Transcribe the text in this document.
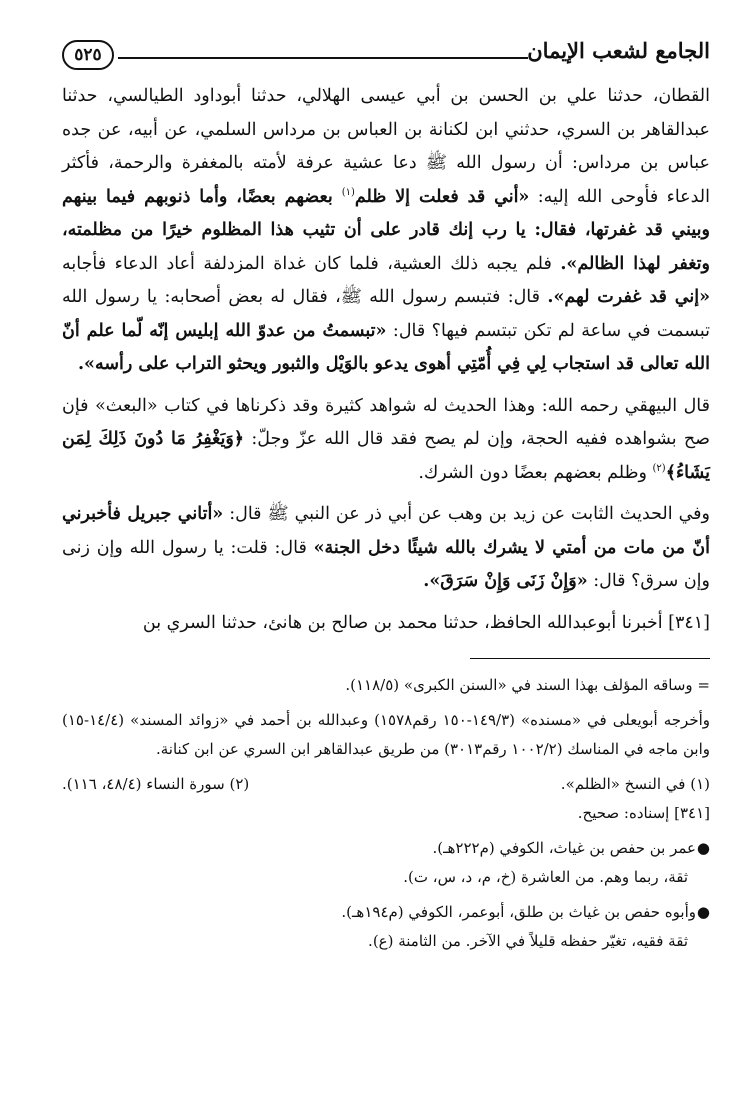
الجامع لشعب الإيمان
٥٢٥

القطان، حدثنا علي بن الحسن بن أبي عيسى الهلالي، حدثنا أبوداود الطيالسي، حدثنا عبدالقاهر بن السري، حدثني ابن لكنانة بن العباس بن مرداس السلمي، عن أبيه، عن جده عباس بن مرداس: أن رسول الله ﷺ دعا عشية عرفة لأمته بالمغفرة والرحمة، فأكثر الدعاء فأوحى الله إليه: «أني قد فعلت إلا ظلم$^{(١)}$ بعضهم بعضًا، وأما ذنوبهم فيما بينهم وبيني قد غفرتها، فقال: يا رب إنك قادر على أن تثيب هذا المظلوم خيرًا من مظلمته، وتغفر لهذا الظالم». فلم يجبه ذلك العشية، فلما كان غداة المزدلفة أعاد الدعاء فأجابه «إني قد غفرت لهم». قال: فتبسم رسول الله ﷺ، فقال له بعض أصحابه: يا رسول الله تبسمت في ساعة لم تكن تبتسم فيها؟ قال: «تبسمتُ من عدوّ الله إبليس إنّه لّما علم أنّ الله تعالى قد استجاب لِي فِي أُمّتِي أهوى يدعو بالوَيْل والثبور ويحثو التراب على رأسه».

قال البيهقي رحمه الله: وهذا الحديث له شواهد كثيرة وقد ذكرناها في كتاب «البعث» فإن صح بشواهده ففيه الحجة، وإن لم يصح فقد قال الله عزّ وجلّ: ﴿وَيَغْفِرُ مَا دُونَ ذَلِكَ لِمَن يَشَاءُ﴾$^{(٢)}$ وظلم بعضهم بعضًا دون الشرك.

وفي الحديث الثابت عن زيد بن وهب عن أبي ذر عن النبي ﷺ قال: «أتاني جبريل فأخبرني أنّ من مات من أمتي لا يشرك بالله شيئًا دخل الجنة» قال: قلت: يا رسول الله وإن زنى وإن سرق؟ قال: «وَإِنْ زَنَى وَإِنْ سَرَقَ».

[٣٤١] أخبرنا أبوعبدالله الحافظ، حدثنا محمد بن صالح بن هانئ، حدثنا السري بن

= وساقه المؤلف بهذا السند في «السنن الكبرى» (١١٨/٥).

وأخرجه أبويعلى في «مسنده» (١٤٩/٣-١٥٠ رقم١٥٧٨) وعبدالله بن أحمد في «زوائد المسند» (١٤/٤-١٥) وابن ماجه في المناسك (١٠٠٢/٢ رقم٣٠١٣) من طريق عبدالقاهر ابن السري عن ابن كنانة.

(١) في النسخ «الظلم».
(٢) سورة النساء (٤٨/٤، ١١٦).

[٣٤١] إسناده: صحيح.

●
عمر بن حفص بن غياث، الكوفي (م٢٢٢هـ).

ثقة، ربما وهم. من العاشرة (خ، م، د، س، ت).

●
وأبوه حفص بن غياث بن طلق، أبوعمر، الكوفي (م١٩٤هـ).

ثقة فقيه، تغيّر حفظه قليلاً في الآخر. من الثامنة (ع).
